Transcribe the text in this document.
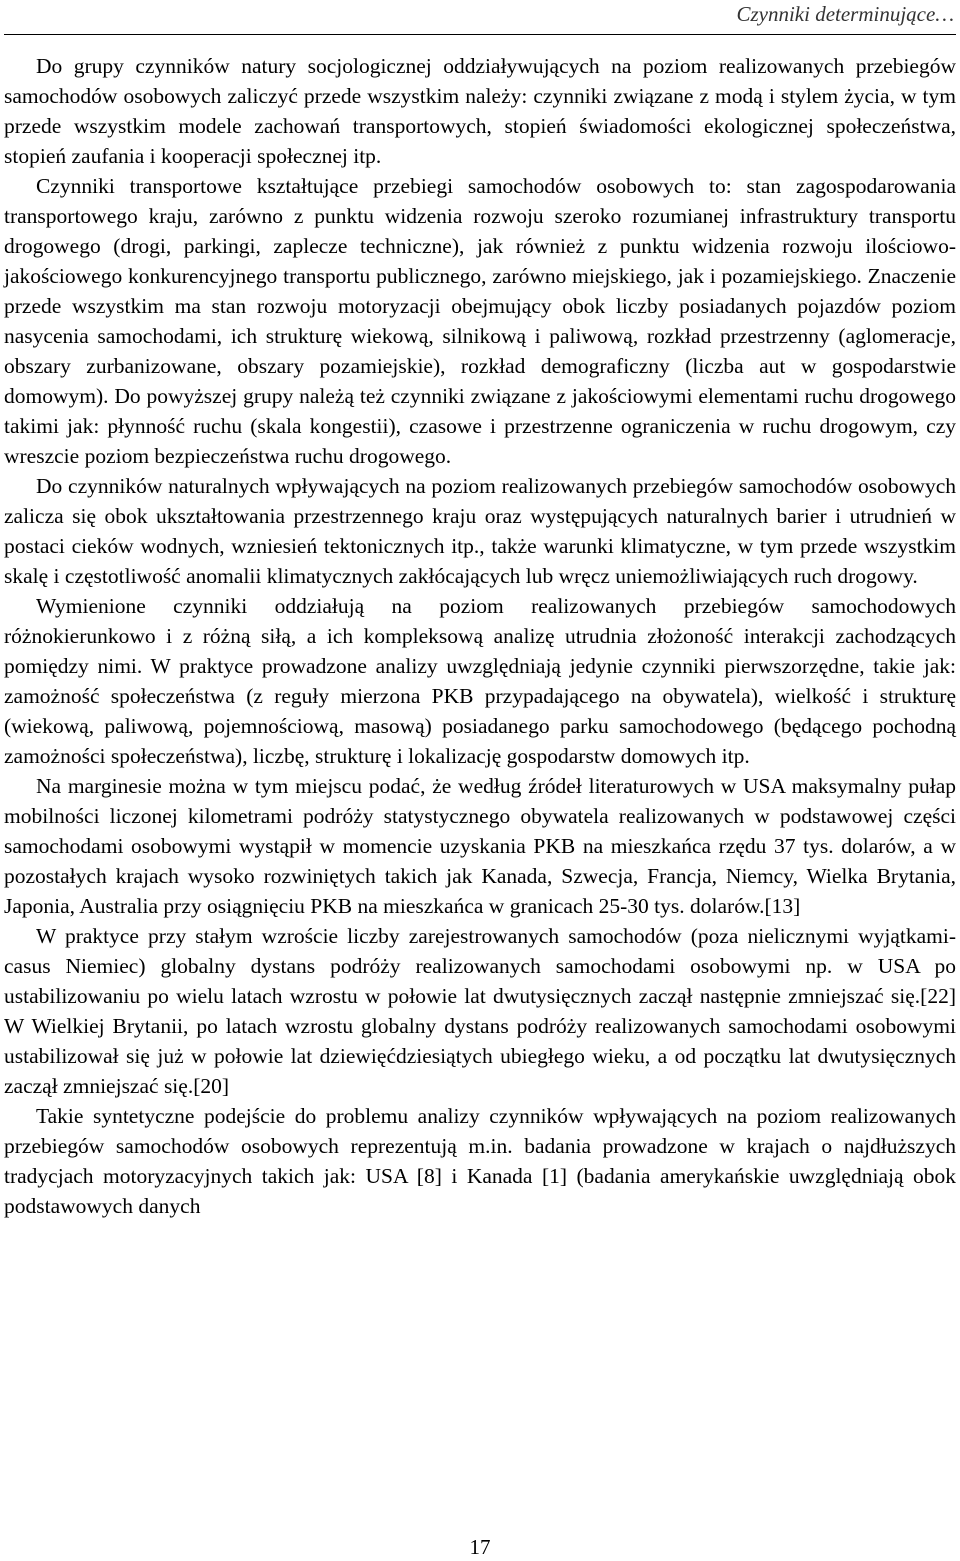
Czynniki determinujące…

Do grupy czynników natury socjologicznej oddziaływujących na poziom realizowanych przebiegów samochodów osobowych zaliczyć przede wszystkim należy: czynniki związane z modą i stylem życia, w tym przede wszystkim modele zachowań transportowych, stopień świadomości ekologicznej społeczeństwa, stopień zaufania i kooperacji społecznej itp.

Czynniki transportowe kształtujące przebiegi samochodów osobowych to: stan zagospodarowania transportowego kraju, zarówno z punktu widzenia rozwoju szeroko rozumianej infrastruktury transportu drogowego (drogi, parkingi, zaplecze techniczne), jak również z punktu widzenia rozwoju ilościowo-jakościowego konkurencyjnego transportu publicznego, zarówno miejskiego, jak i pozamiejskiego. Znaczenie przede wszystkim ma stan rozwoju motoryzacji obejmujący obok liczby posiadanych pojazdów poziom nasycenia samochodami, ich strukturę wiekową, silnikową i paliwową, rozkład przestrzenny (aglomeracje, obszary zurbanizowane, obszary pozamiejskie), rozkład demograficzny (liczba aut w gospodarstwie domowym). Do powyższej grupy należą też czynniki związane z jakościowymi elementami ruchu drogowego takimi jak: płynność ruchu (skala kongestii), czasowe i przestrzenne ograniczenia w ruchu drogowym, czy wreszcie poziom bezpieczeństwa ruchu drogowego.

Do czynników naturalnych wpływających na poziom realizowanych przebiegów samochodów osobowych zalicza się obok ukształtowania przestrzennego kraju oraz występujących naturalnych barier i utrudnień w postaci cieków wodnych, wzniesień tektonicznych itp., także warunki klimatyczne, w tym przede wszystkim skalę i częstotliwość anomalii klimatycznych zakłócających lub wręcz uniemożliwiających ruch drogowy.

Wymienione czynniki oddziałują na poziom realizowanych przebiegów samochodowych różnokierunkowo i z różną siłą, a ich kompleksową analizę utrudnia złożoność interakcji zachodzących pomiędzy nimi. W praktyce prowadzone analizy uwzględniają jedynie czynniki pierwszorzędne, takie jak: zamożność społeczeństwa (z reguły mierzona PKB przypadającego na obywatela), wielkość i strukturę (wiekową, paliwową, pojemnościową, masową) posiadanego parku samochodowego (będącego pochodną zamożności społeczeństwa), liczbę, strukturę i lokalizację gospodarstw domowych itp.

Na marginesie można w tym miejscu podać, że według źródeł literaturowych w USA maksymalny pułap mobilności liczonej kilometrami podróży statystycznego obywatela realizowanych w podstawowej części samochodami osobowymi wystąpił w momencie uzyskania PKB na mieszkańca rzędu 37 tys. dolarów, a w pozostałych krajach wysoko rozwiniętych takich jak Kanada, Szwecja, Francja, Niemcy, Wielka Brytania, Japonia, Australia przy osiągnięciu PKB na mieszkańca w granicach 25-30 tys. dolarów.[13]

W praktyce przy stałym wzroście liczby zarejestrowanych samochodów (poza nielicznymi wyjątkami- casus Niemiec) globalny dystans podróży realizowanych samochodami osobowymi np. w USA po ustabilizowaniu po wielu latach wzrostu w połowie lat dwutysięcznych zaczął następnie zmniejszać się.[22] W Wielkiej Brytanii, po latach wzrostu globalny dystans podróży realizowanych samochodami osobowymi ustabilizował się już w połowie lat dziewięćdziesiątych ubiegłego wieku, a od początku lat dwutysięcznych zaczął zmniejszać się.[20]

Takie syntetyczne podejście do problemu analizy czynników wpływających na poziom realizowanych przebiegów samochodów osobowych reprezentują m.in. badania prowadzone w krajach o najdłuższych tradycjach motoryzacyjnych takich jak: USA [8] i Kanada [1] (badania amerykańskie uwzględniają obok podstawowych danych

17
